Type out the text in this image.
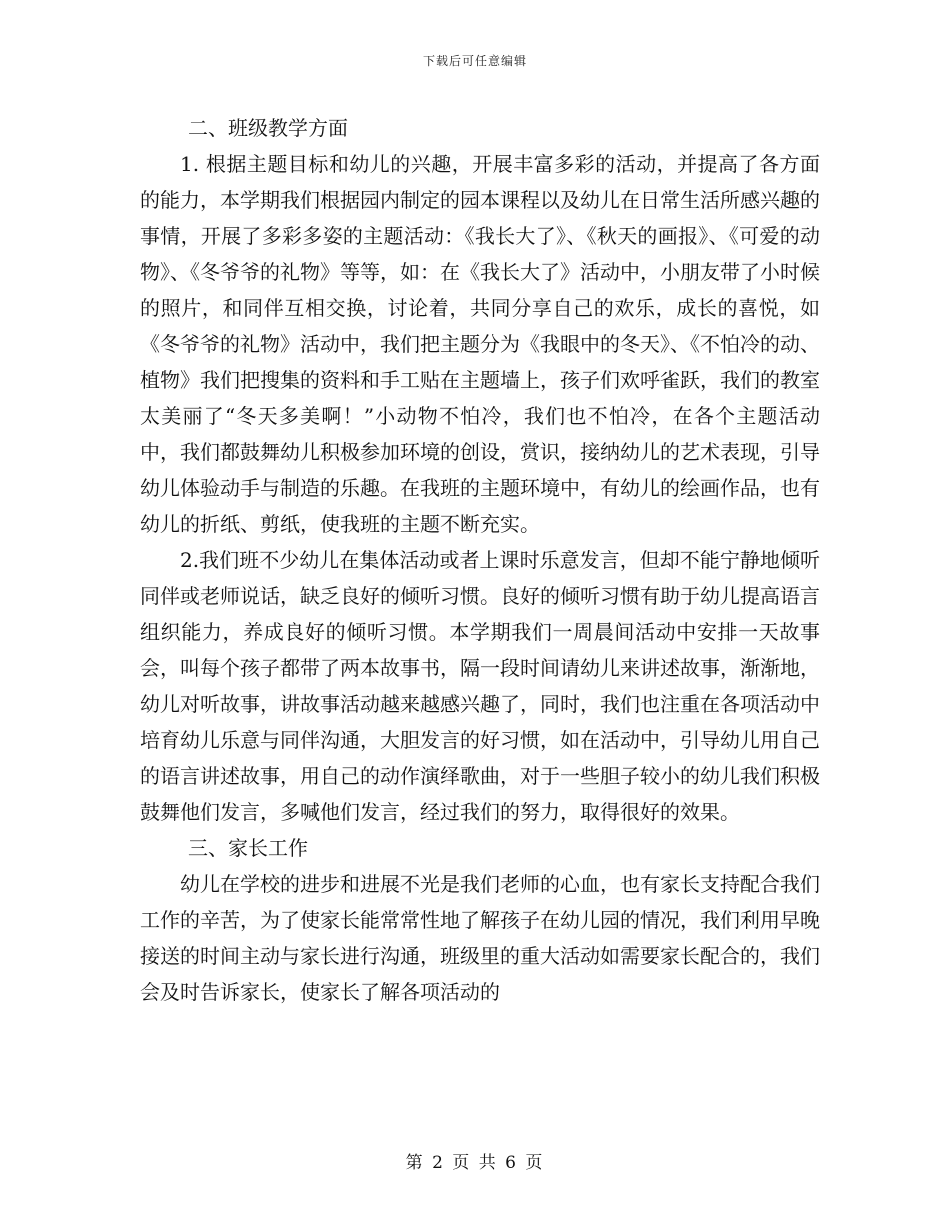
下载后可任意编辑

二、班级教学方面

1. 根据主题目标和幼儿的兴趣，开展丰富多彩的活动，并提高了各方面的能力，本学期我们根据园内制定的园本课程以及幼儿在日常生活所感兴趣的事情，开展了多彩多姿的主题活动：《我长大了》、《秋天的画报》、《可爱的动物》、《冬爷爷的礼物》等等，如：在《我长大了》活动中，小朋友带了小时候的照片，和同伴互相交换，讨论着，共同分享自己的欢乐，成长的喜悦，如《冬爷爷的礼物》活动中，我们把主题分为《我眼中的冬天》、《不怕冷的动、植物》我们把搜集的资料和手工贴在主题墙上，孩子们欢呼雀跃，我们的教室太美丽了“冬天多美啊！”小动物不怕冷，我们也不怕冷，在各个主题活动中，我们都鼓舞幼儿积极参加环境的创设，赏识，接纳幼儿的艺术表现，引导幼儿体验动手与制造的乐趣。在我班的主题环境中，有幼儿的绘画作品，也有幼儿的折纸、剪纸，使我班的主题不断充实。

2.我们班不少幼儿在集体活动或者上课时乐意发言，但却不能宁静地倾听同伴或老师说话，缺乏良好的倾听习惯。良好的倾听习惯有助于幼儿提高语言组织能力，养成良好的倾听习惯。本学期我们一周晨间活动中安排一天故事会，叫每个孩子都带了两本故事书，隔一段时间请幼儿来讲述故事，渐渐地，幼儿对听故事，讲故事活动越来越感兴趣了，同时，我们也注重在各项活动中培育幼儿乐意与同伴沟通，大胆发言的好习惯，如在活动中，引导幼儿用自己的语言讲述故事，用自己的动作演绎歌曲，对于一些胆子较小的幼儿我们积极鼓舞他们发言，多喊他们发言，经过我们的努力，取得很好的效果。

三、家长工作

幼儿在学校的进步和进展不光是我们老师的心血，也有家长支持配合我们工作的辛苦，为了使家长能常常性地了解孩子在幼儿园的情况，我们利用早晚接送的时间主动与家长进行沟通，班级里的重大活动如需要家长配合的，我们会及时告诉家长，使家长了解各项活动的

第 2 页 共 6 页
